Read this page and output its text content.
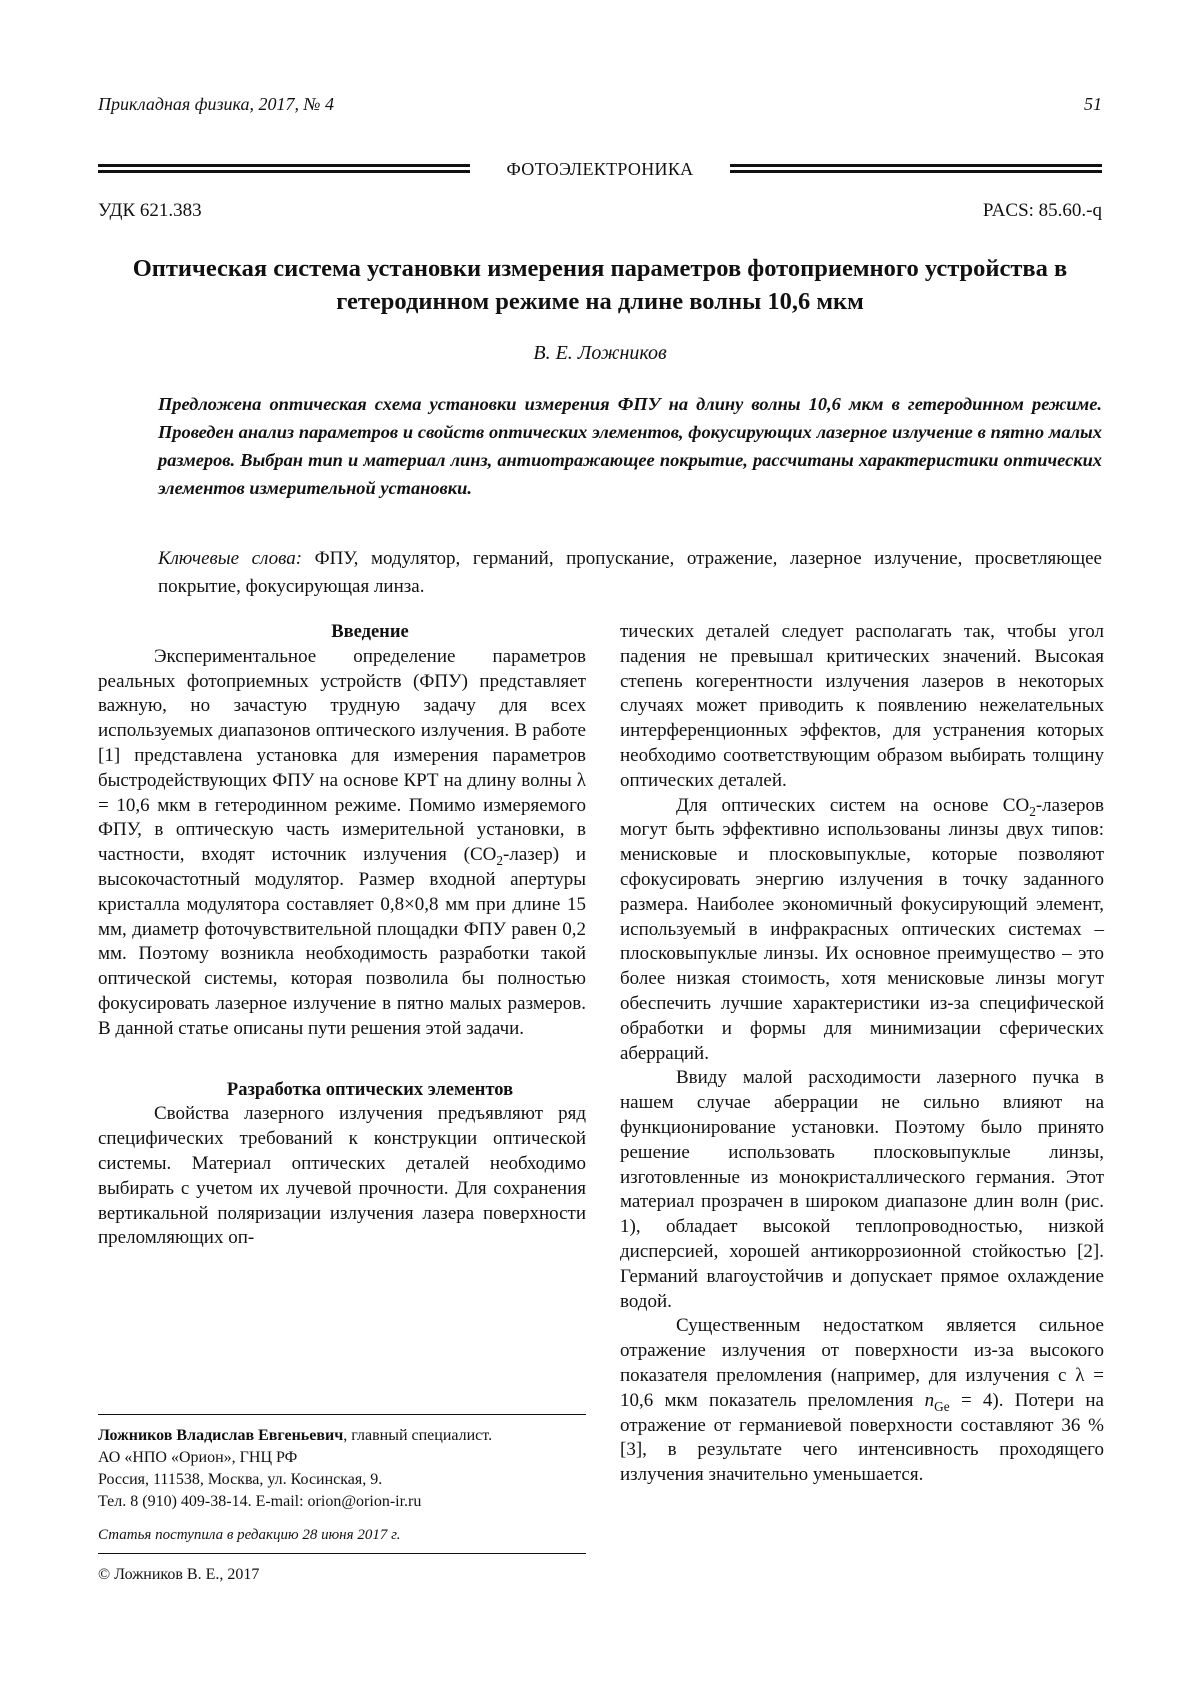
Прикладная физика, 2017, № 4	51
ФОТОЭЛЕКТРОНИКА
УДК 621.383	PACS: 85.60.-q
Оптическая система установки измерения параметров фотоприемного устройства в гетеродинном режиме на длине волны 10,6 мкм
В. Е. Ложников
Предложена оптическая схема установки измерения ФПУ на длину волны 10,6 мкм в гетеродинном режиме. Проведен анализ параметров и свойств оптических элементов, фокусирующих лазерное излучение в пятно малых размеров. Выбран тип и материал линз, антиотражающее покрытие, рассчитаны характеристики оптических элементов измерительной установки.
Ключевые слова: ФПУ, модулятор, германий, пропускание, отражение, лазерное излучение, просветляющее покрытие, фокусирующая линза.

Введение

Экспериментальное определение параметров реальных фотоприемных устройств (ФПУ) представляет важную, но зачастую трудную задачу для всех используемых диапазонов оптического излучения. В работе [1] представлена установка для измерения параметров быстродействующих ФПУ на основе КРТ на длину волны λ = 10,6 мкм в гетеродинном режиме. Помимо измеряемого ФПУ, в оптическую часть измерительной установки, в частности, входят источник излучения $(CO_2-лазер)$ и высокочастотный модулятор. Размер входной апертуры кристалла модулятора составляет 0,8×0,8 мм при длине 15 мм, диаметр фоточувствительной площадки ФПУ равен 0,2 мм. Поэтому возникла необходимость разработки такой оптической системы, которая позволила бы полностью фокусировать лазерное излучение в пятно малых размеров. В данной статье описаны пути решения этой задачи.

Разработка оптических элементов

Свойства лазерного излучения предъявляют ряд специфических требований к конструкции оптической системы. Материал оптических деталей необходимо выбирать с учетом их лучевой прочности. Для сохранения вертикальной поляризации излучения лазера поверхности преломляющих оп-

тических деталей следует располагать так, чтобы угол падения не превышал критических значений. Высокая степень когерентности излучения лазеров в некоторых случаях может приводить к появлению нежелательных интерференционных эффектов, для устранения которых необходимо соответствующим образом выбирать толщину оптических деталей.

Для оптических систем на основе $CO_2$-лазеров могут быть эффективно использованы линзы двух типов: менисковые и плосковыпуклые, которые позволяют сфокусировать энергию излучения в точку заданного размера. Наиболее экономичный фокусирующий элемент, используемый в инфракрасных оптических системах – плосковыпуклые линзы. Их основное преимущество – это более низкая стоимость, хотя менисковые линзы могут обеспечить лучшие характеристики из-за специфической обработки и формы для минимизации сферических аберраций.

Ввиду малой расходимости лазерного пучка в нашем случае аберрации не сильно влияют на функционирование установки. Поэтому было принято решение использовать плосковыпуклые линзы, изготовленные из монокристаллического германия. Этот материал прозрачен в широком диапазоне длин волн (рис. 1), обладает высокой теплопроводностью, низкой дисперсией, хорошей антикоррозионной стойкостью [2]. Германий влагоустойчив и допускает прямое охлаждение водой.

Существенным недостатком является сильное отражение излучения от поверхности из-за высокого показателя преломления (например, для излучения с λ = 10,6 мкм показатель преломления $n_{Ge} = 4$). Потери на отражение от германиевой поверхности составляют 36 % [3], в результате чего интенсивность проходящего излучения значительно уменьшается.

Ложников Владислав Евгеньевич, главный специалист.
АО «НПО «Орион», ГНЦ РФ
Россия, 111538, Москва, ул. Косинская, 9.
Тел. 8 (910) 409-38-14. E-mail: orion@orion-ir.ru
Статья поступила в редакцию 28 июня 2017 г.
© Ложников В. Е., 2017
